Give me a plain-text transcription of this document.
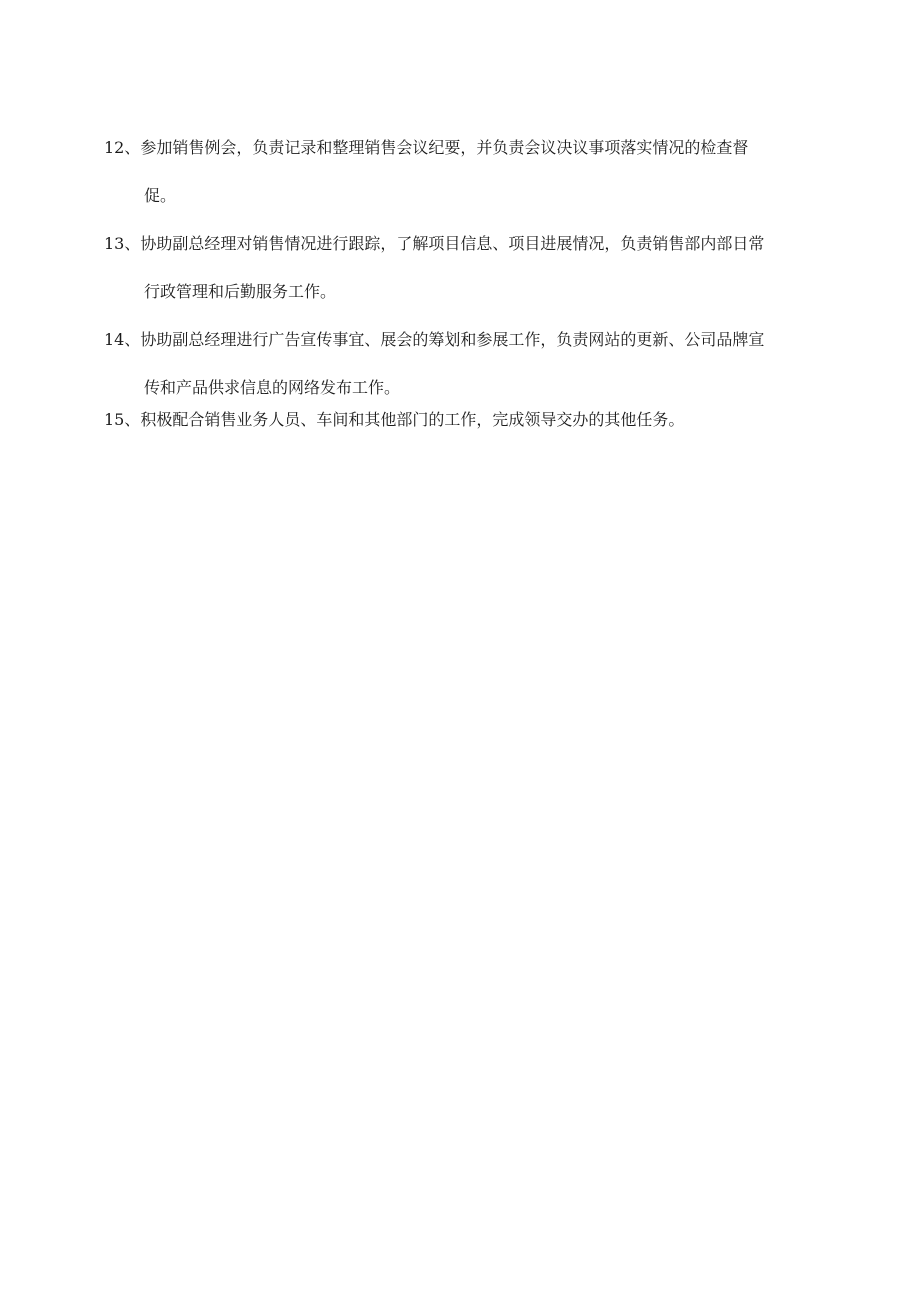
12、参加销售例会，负责记录和整理销售会议纪要，并负责会议决议事项落实情况的检查督
促。
13、协助副总经理对销售情况进行跟踪，了解项目信息、项目进展情况，负责销售部内部日常
行政管理和后勤服务工作。
14、协助副总经理进行广告宣传事宜、展会的筹划和参展工作，负责网站的更新、公司品牌宣
传和产品供求信息的网络发布工作。
15、积极配合销售业务人员、车间和其他部门的工作，完成领导交办的其他任务。
